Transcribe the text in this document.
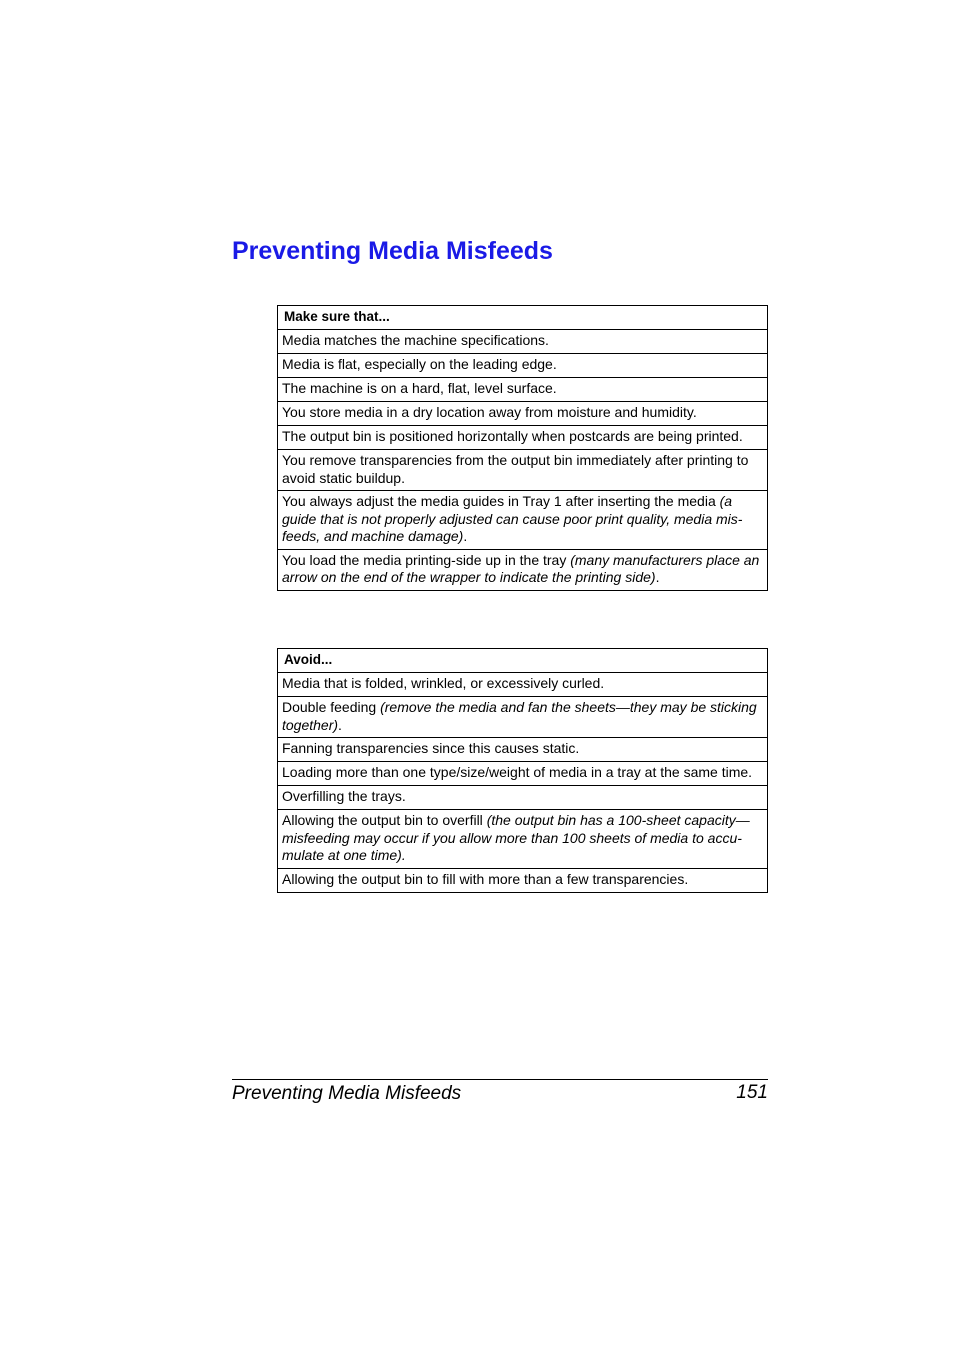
Preventing Media Misfeeds
Make sure that...
Media matches the machine specifications.
Media is flat, especially on the leading edge.
The machine is on a hard, flat, level surface.
You store media in a dry location away from moisture and humidity.
The output bin is positioned horizontally when postcards are being printed.
You remove transparencies from the output bin immediately after printing to avoid static buildup.
You always adjust the media guides in Tray 1 after inserting the media (a guide that is not properly adjusted can cause poor print quality, media mis-feeds, and machine damage).
You load the media printing-side up in the tray (many manufacturers place an arrow on the end of the wrapper to indicate the printing side).
Avoid...
Media that is folded, wrinkled, or excessively curled.
Double feeding (remove the media and fan the sheets—they may be sticking together).
Fanning transparencies since this causes static.
Loading more than one type/size/weight of media in a tray at the same time.
Overfilling the trays.
Allowing the output bin to overfill (the output bin has a 100-sheet capacity—misfeeding may occur if you allow more than 100 sheets of media to accu-mulate at one time).
Allowing the output bin to fill with more than a few transparencies.
Preventing Media Misfeeds	151
